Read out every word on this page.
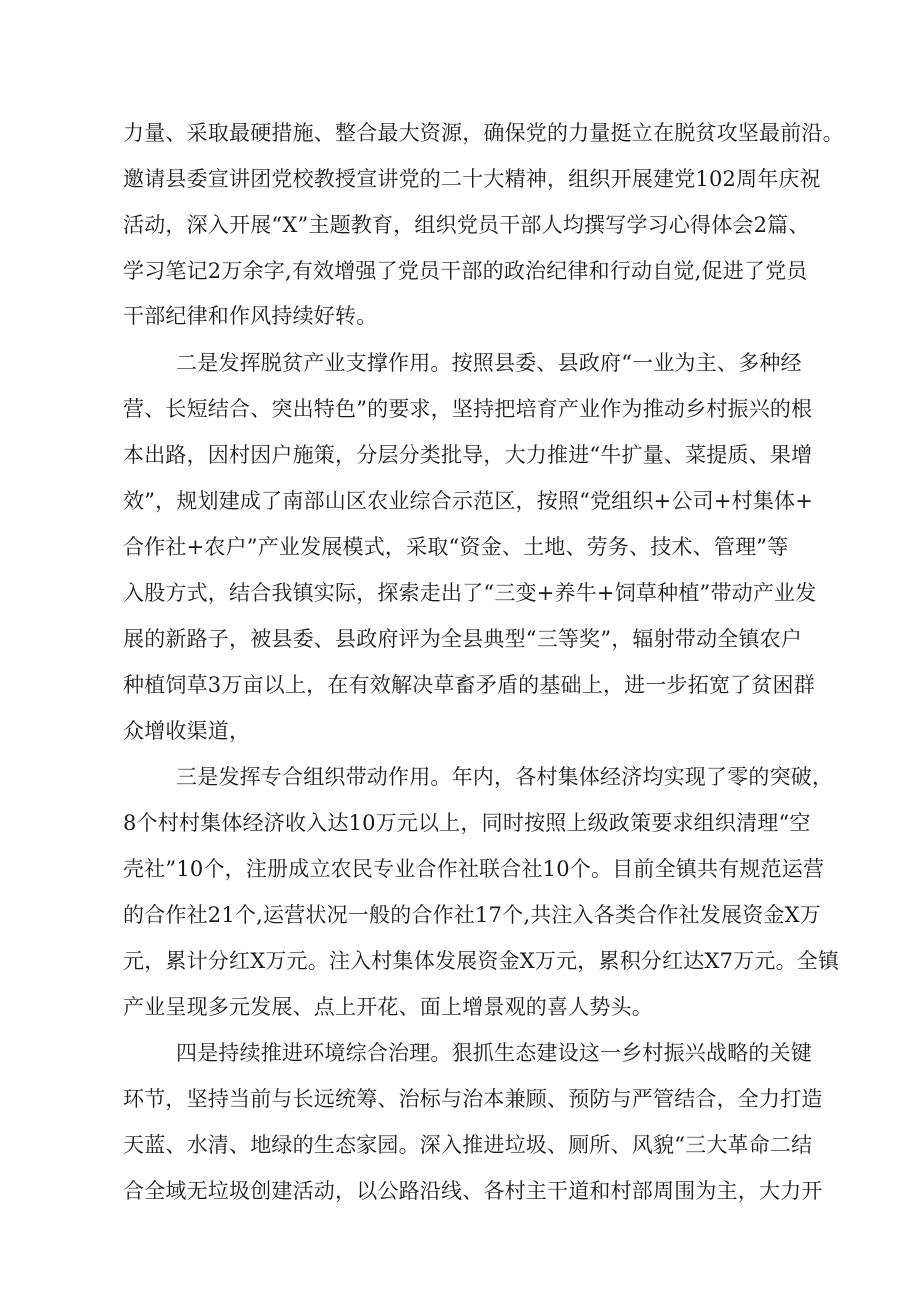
力量、采取最硬措施、整合最大资源，确保党的力量挺立在脱贫攻坚最前沿。

邀请县委宣讲团党校教授宣讲党的二十大精神，组织开展建党102周年庆祝

活动，深入开展“X”主题教育，组织党员干部人均撰写学习心得体会2篇、

学习笔记2万余字,有效增强了党员干部的政治纪律和行动自觉,促进了党员

干部纪律和作风持续好转。

二是发挥脱贫产业支撑作用。按照县委、县政府“一业为主、多种经

营、长短结合、突出特色”的要求，坚持把培育产业作为推动乡村振兴的根

本出路，因村因户施策，分层分类批导，大力推进“牛扩量、菜提质、果增

效”，规划建成了南部山区农业综合示范区，按照“党组织+公司+村集体+

合作社+农户”产业发展模式，采取“资金、土地、劳务、技术、管理”等

入股方式，结合我镇实际，探索走出了“三变+养牛+饲草种植”带动产业发

展的新路子，被县委、县政府评为全县典型“三等奖”，辐射带动全镇农户

种植饲草3万亩以上，在有效解决草畜矛盾的基础上，进一步拓宽了贫困群

众增收渠道，

三是发挥专合组织带动作用。年内，各村集体经济均实现了零的突破，

8个村村集体经济收入达10万元以上，同时按照上级政策要求组织清理“空

壳社”10个，注册成立农民专业合作社联合社10个。目前全镇共有规范运营

的合作社21个,运营状况一般的合作社17个,共注入各类合作社发展资金X万

元，累计分红X万元。注入村集体发展资金X万元，累积分红达X7万元。全镇

产业呈现多元发展、点上开花、面上增景观的喜人势头。

四是持续推进环境综合治理。狠抓生态建设这一乡村振兴战略的关键

环节，坚持当前与长远统筹、治标与治本兼顾、预防与严管结合，全力打造

天蓝、水清、地绿的生态家园。深入推进垃圾、厕所、风貌“三大革命二结

合全域无垃圾创建活动，以公路沿线、各村主干道和村部周围为主，大力开
